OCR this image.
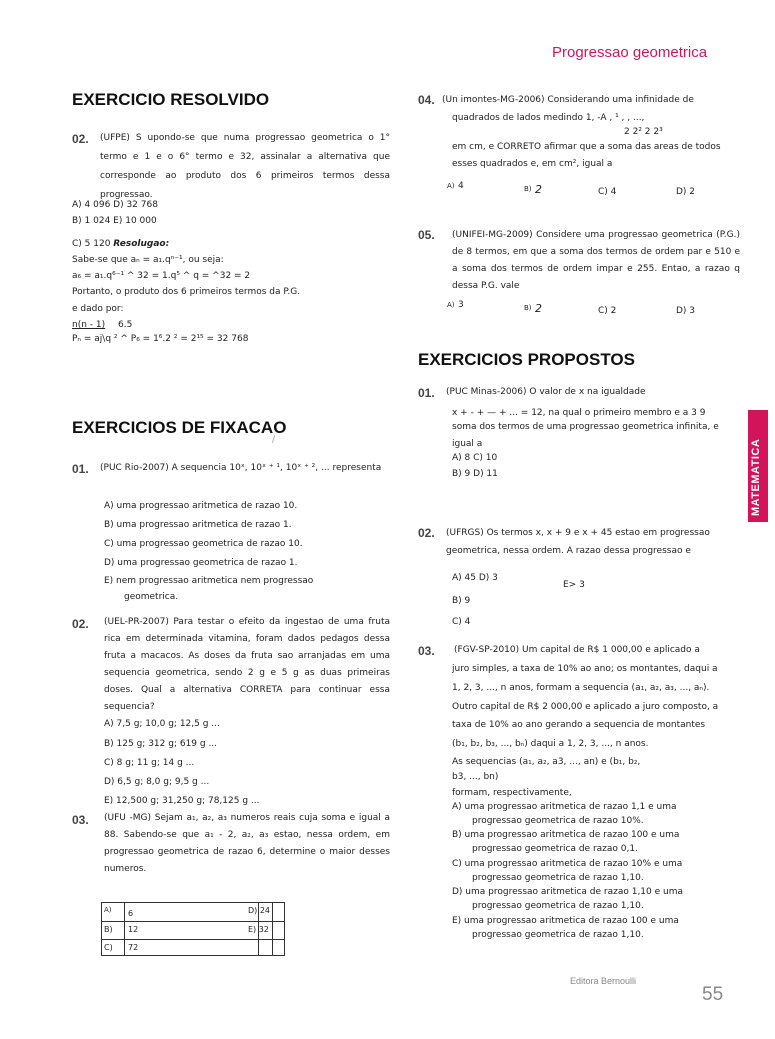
Progressao geometrica
MATEMATICA
EXERCICIO RESOLVIDO
02. (UFPE) S upondo-se que numa progressao geometrica o 1° termo e 1 e o 6° termo e 32, assinalar a alternativa que corresponde ao produto dos 6 primeiros termos dessa progressao.
A) 4 096 D) 32 768
B) 1 024 E) 10 000
C) 5 120 Resolugao:
Sabe-se que aₙ = a₁.qⁿ⁻¹, ou seja:
a₆ = a₁.q⁶⁻¹ ^ 32 = 1.q⁵ ^ q = ^32 = 2
Portanto, o produto dos 6 primeiros termos da P.G.
e dado por:
n(n - 1) 6.5
Pₙ = aj\q ² ^ P₆ = 1⁶.2 ² = 2¹⁵ = 32 768
EXERCICIOS DE FIXACAO
/
01. (PUC Rio-2007) A sequencia 10ˣ, 10ˣ ⁺ ¹, 10ˣ ⁺ ², ... representa
A) uma progressao aritmetica de razao 10.
B) uma progressao aritmetica de razao 1.
C) uma progressao geometrica de razao 10.
D) uma progressao geometrica de razao 1.
E) nem progressao aritmetica nem progressao
geometrica.
02. (UEL-PR-2007) Para testar o efeito da ingestao de uma fruta rica em determinada vitamina, foram dados pedagos dessa fruta a macacos. As doses da fruta sao arranjadas em uma sequencia geometrica, sendo 2 g e 5 g as duas primeiras doses. Qual a alternativa CORRETA para continuar essa sequencia?
A) 7,5 g; 10,0 g; 12,5 g ...
B) 125 g; 312 g; 619 g ...
C) 8 g; 11 g; 14 g ...
D) 6,5 g; 8,0 g; 9,5 g ...
E) 12,500 g; 31,250 g; 78,125 g ...
03. (UFU -MG) Sejam a₁, a₂, a₃ numeros reais cuja soma e igual a 88. Sabendo-se que a₁ - 2, a₂, a₃ estao, nessa ordem, em progressao geometrica de razao 6, determine o maior desses numeros.
A) 6	D) 24
B) 12	E) 32
C) 72
04. (Un imontes-MG-2006) Considerando uma infinidade de
quadrados de lados medindo 1, -A , ¹ , , ...,
2 2² 2 2³
em cm, e CORRETO afirmar que a soma das areas de todos esses quadrados e, em cm², igual a
A) 4	B) 2	C) 4	D) 2
05. (UNIFEI-MG-2009) Considere uma progressao geometrica (P.G.) de 8 termos, em que a soma dos termos de ordem par e 510 e a soma dos termos de ordem impar e 255. Entao, a razao q dessa P.G. vale
A) 3	B) 2	C) 2	D) 3
EXERCICIOS PROPOSTOS
01. (PUC Minas-2006) O valor de x na igualdade
x + - + — + ... = 12, na qual o primeiro membro e a 3 9
soma dos termos de uma progressao geometrica infinita, e igual a
A) 8 C) 10
B) 9 D) 11
02. (UFRGS) Os termos x, x + 9 e x + 45 estao em progressao geometrica, nessa ordem. A razao dessa progressao e
A) 45 D) 3
E> 3
B) 9
C) 4
03. (FGV-SP-2010) Um capital de R$ 1 000,00 e aplicado a
juro simples, a taxa de 10% ao ano; os montantes, daqui a
1, 2, 3, ..., n anos, formam a sequencia (a₁, a₂, a₃, ..., aₙ).
Outro capital de R$ 2 000,00 e aplicado a juro composto, a
taxa de 10% ao ano gerando a sequencia de montantes
(b₁, b₂, b₃, ..., bₙ) daqui a 1, 2, 3, ..., n anos.
As sequencias (a₁, a₂, a3, ..., an) e (b₁, b₂,
b3, ..., bn)
formam, respectivamente,
A) uma progressao aritmetica de razao 1,1 e uma
progressao geometrica de razao 10%.
B) uma progressao aritmetica de razao 100 e uma
progressao geometrica de razao 0,1.
C) uma progressao aritmetica de razao 10% e uma
progressao geometrica de razao 1,10.
D) uma progressao aritmetica de razao 1,10 e uma
progressao geometrica de razao 1,10.
E) uma progressao aritmetica de razao 100 e uma
progressao geometrica de razao 1,10.
Editora Bernoulli
55
